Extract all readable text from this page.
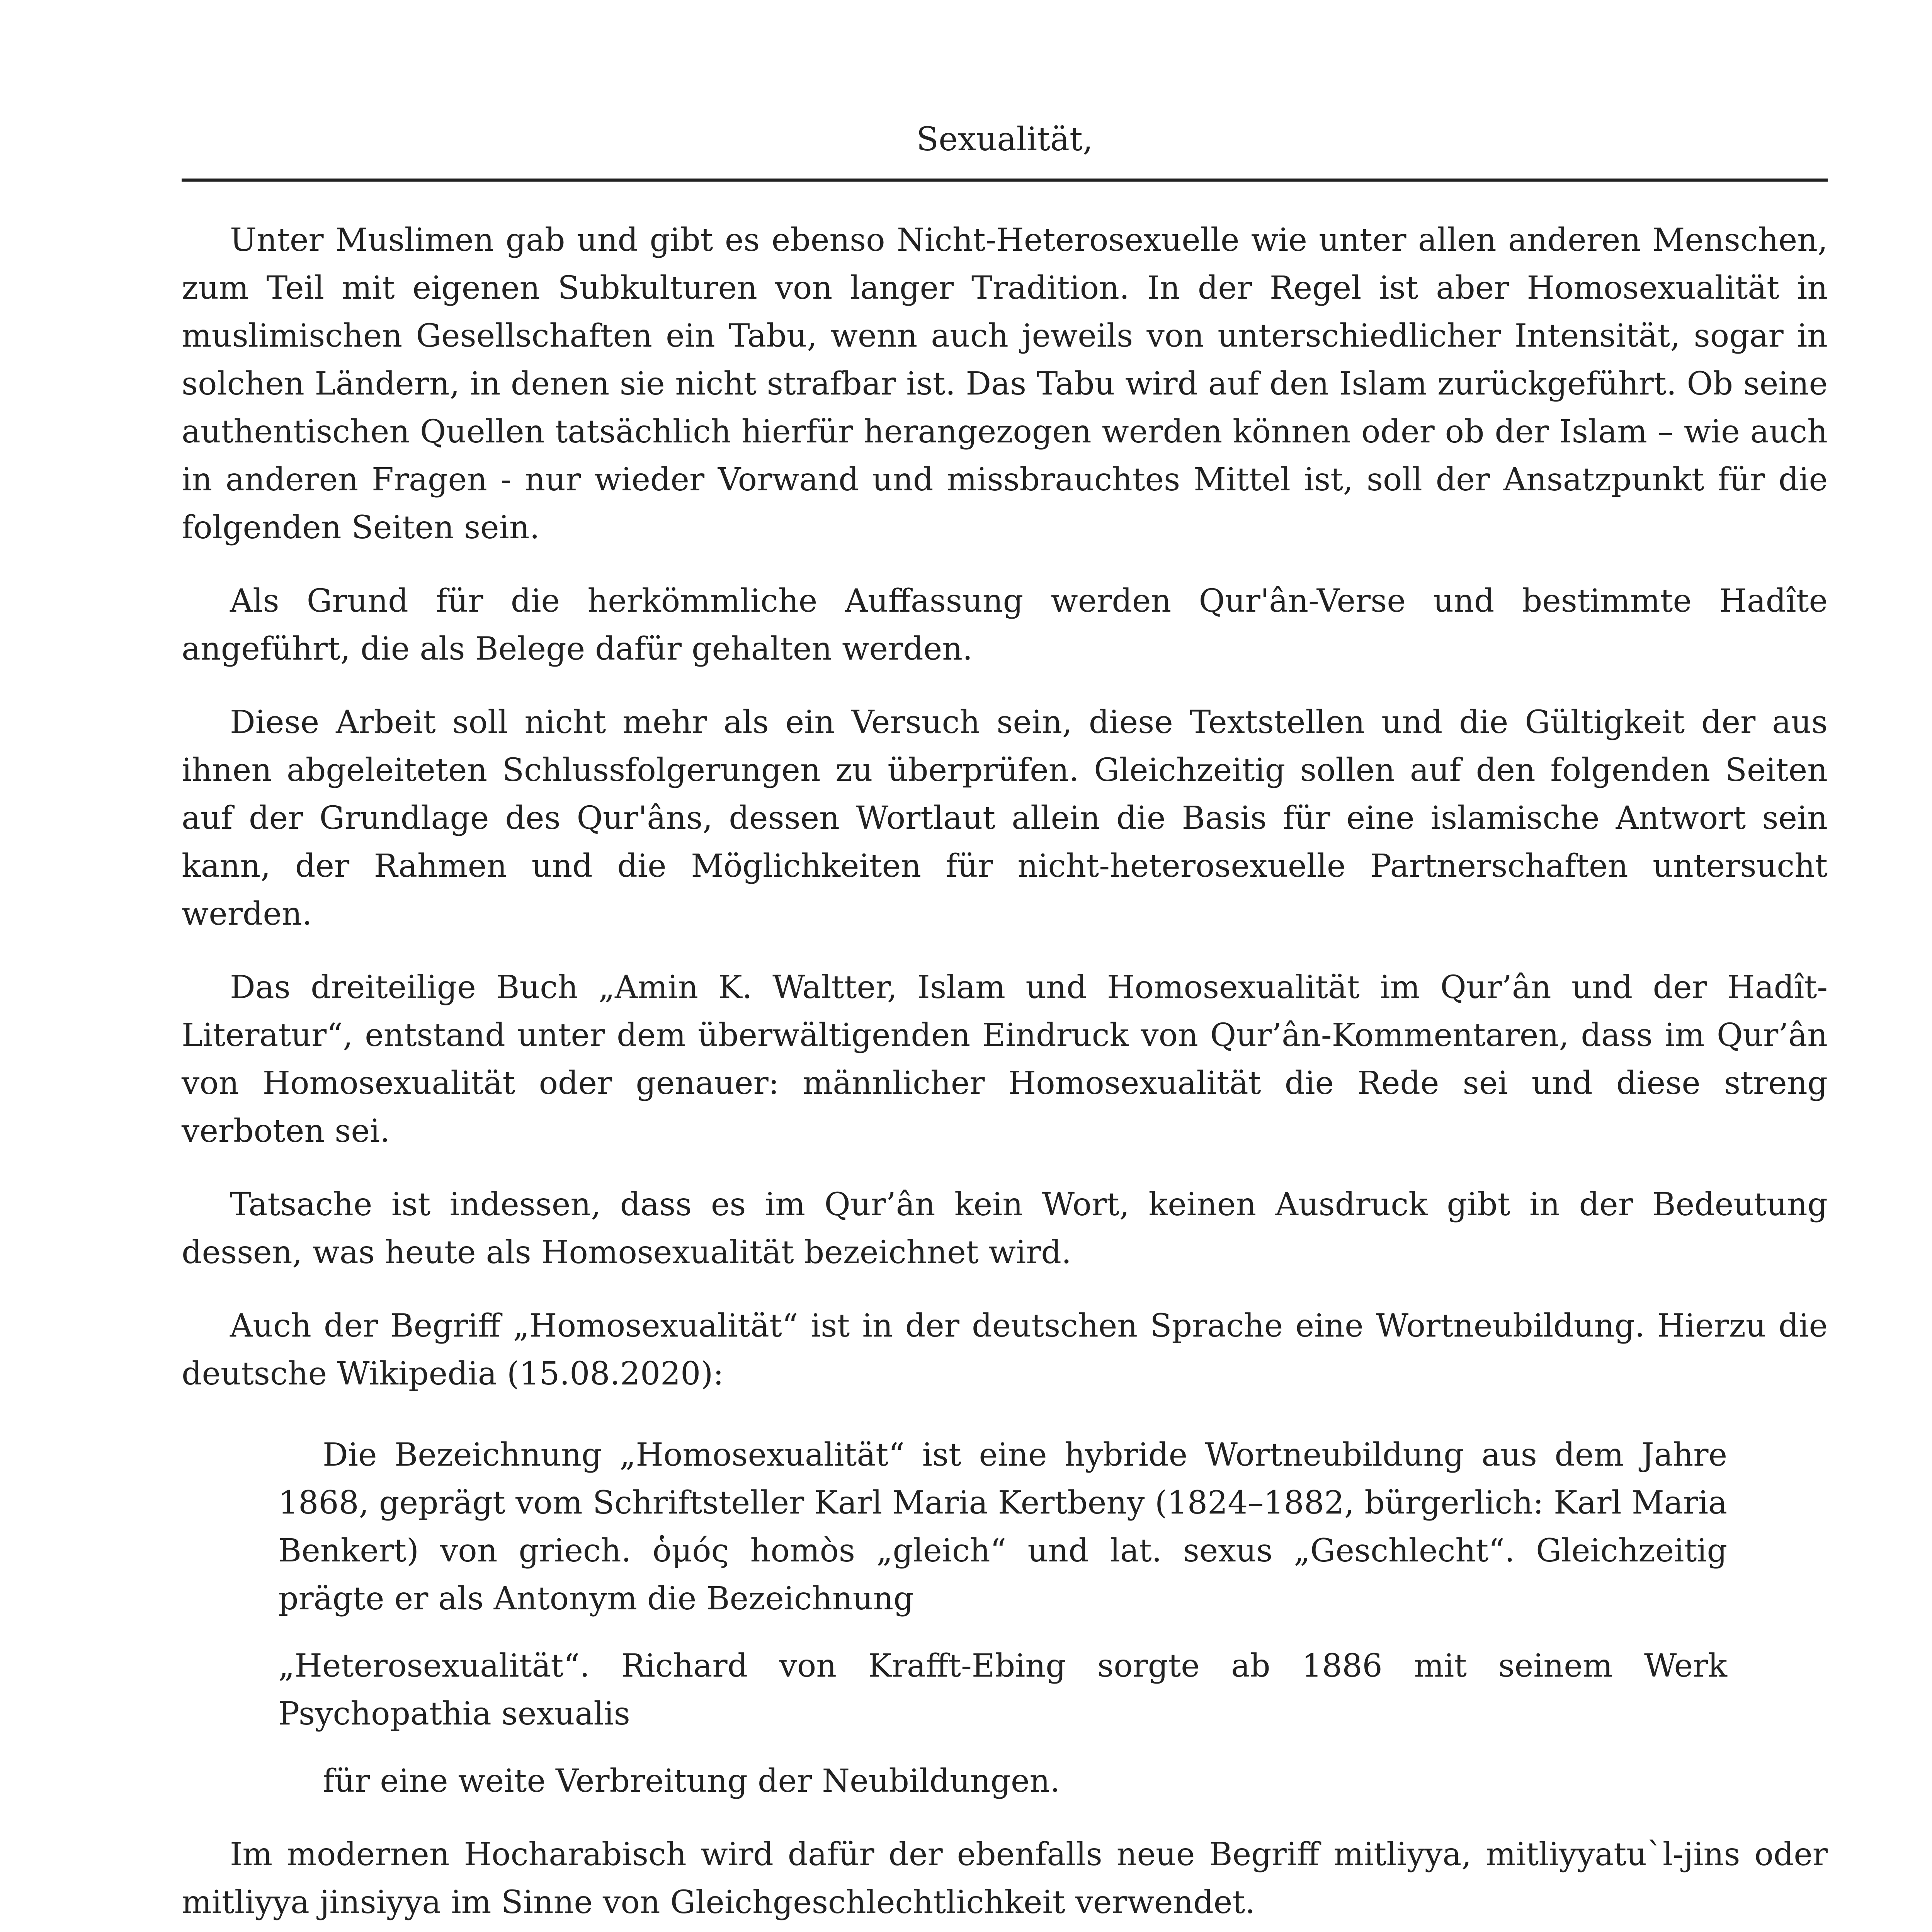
Sexualität,

Unter Muslimen gab und gibt es ebenso Nicht-Heterosexuelle wie unter allen anderen Menschen, zum Teil mit eigenen Subkulturen von langer Tradition. In der Regel ist aber Homosexualität in muslimischen Gesellschaften ein Tabu, wenn auch jeweils von unterschiedlicher Intensität, sogar in solchen Ländern, in denen sie nicht strafbar ist. Das Tabu wird auf den Islam zurückgeführt. Ob seine authentischen Quellen tatsächlich hierfür herangezogen werden können oder ob der Islam – wie auch in anderen Fragen - nur wieder Vorwand und missbrauchtes Mittel ist, soll der Ansatzpunkt für die folgenden Seiten sein.

Als Grund für die herkömmliche Auffassung werden Qur'ân-Verse und bestimmte Hadîte angeführt, die als Belege dafür gehalten werden.

Diese Arbeit soll nicht mehr als ein Versuch sein, diese Textstellen und die Gültigkeit der aus ihnen abgeleiteten Schlussfolgerungen zu überprüfen. Gleichzeitig sollen auf den folgenden Seiten auf der Grundlage des Qur'âns, dessen Wortlaut allein die Basis für eine islamische Antwort sein kann, der Rahmen und die Möglichkeiten für nicht-heterosexuelle Partnerschaften untersucht werden.

Das dreiteilige Buch „Amin K. Waltter, Islam und Homosexualität im Qur’ân und der Hadît-Literatur“, entstand unter dem überwältigenden Eindruck von Qur’ân-Kommentaren, dass im Qur’ân von Homosexualität oder genauer: männlicher Homosexualität die Rede sei und diese streng verboten sei.

Tatsache ist indessen, dass es im Qur’ân kein Wort, keinen Ausdruck gibt in der Bedeutung dessen, was heute als Homosexualität bezeichnet wird.

Auch der Begriff „Homosexualität“ ist in der deutschen Sprache eine Wortneubildung. Hierzu die deutsche Wikipedia (15.08.2020):

Die Bezeichnung „Homosexualität“ ist eine hybride Wortneubildung aus dem Jahre 1868, geprägt vom Schriftsteller Karl Maria Kertbeny (1824–1882, bürgerlich: Karl Maria Benkert) von griech. ὁμός homòs „gleich“ und lat. sexus „Geschlecht“. Gleichzeitig prägte er als Antonym die Bezeichnung

„Heterosexualität“. Richard von Krafft-Ebing sorgte ab 1886 mit seinem Werk Psychopathia sexualis

für eine weite Verbreitung der Neubildungen.

Im modernen Hocharabisch wird dafür der ebenfalls neue Begriff mitliyya, mitliyyatu`l-jins oder mitliyya jinsiyya im Sinne von Gleichgeschlechtlichkeit verwendet.
